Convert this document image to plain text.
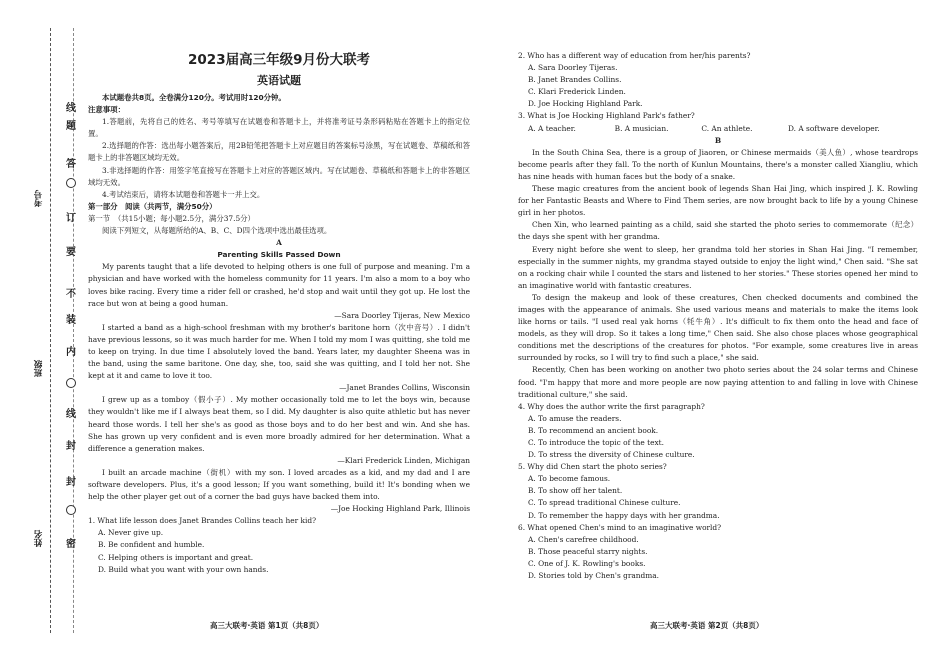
线
题
答
订
要
不
装
内
线
封
封
密
考号
班级
姓名
2023届高三年级9月份大联考
英语试题

本试题卷共8页。全卷满分120分。考试用时120分钟。

注意事项：

1.答题前，先将自己的姓名、考号等填写在试题卷和答题卡上，并将准考证号条形码粘贴在答题卡上的指定位置。

2.选择题的作答：选出每小题答案后，用2B铅笔把答题卡上对应题目的答案标号涂黑，写在试题卷、草稿纸和答题卡上的非答题区域均无效。

3.非选择题的作答：用签字笔直接写在答题卡上对应的答题区域内。写在试题卷、草稿纸和答题卡上的非答题区域均无效。

4.考试结束后，请将本试题卷和答题卡一并上交。

第一部分　阅读（共两节，满分50分）

第一节　（共15小题；每小题2.5分，满分37.5分）

阅读下列短文，从每题所给的A、B、C、D四个选项中选出最佳选项。

A

Parenting Skills Passed Down

My parents taught that a life devoted to helping others is one full of purpose and meaning. I'm a physician and have worked with the homeless community for 11 years. I'm also a mom to a boy who loves bike racing. Every time a rider fell or crashed, he'd stop and wait until they got up. He lost the race but won at being a good human.

—Sara Doorley Tijeras, New Mexico

I started a band as a high-school freshman with my brother's baritone horn（次中音号）. I didn't have previous lessons, so it was much harder for me. When I told my mom I was quitting, she told me to keep on trying. In due time I absolutely loved the band. Years later, my daughter Sheena was in the band, using the same baritone. One day, she, too, said she was quitting, and I told her not. She kept at it and came to love it too.

—Janet Brandes Collins, Wisconsin

I grew up as a tomboy（假小子）. My mother occasionally told me to let the boys win, because they wouldn't like me if I always beat them, so I did. My daughter is also quite athletic but has never heard those words. I tell her she's as good as those boys and to do her best and win. And she has. She has grown up very confident and is even more broadly admired for her determination. What a difference a generation makes.

—Klari Frederick Linden, Michigan

I built an arcade machine（街机）with my son. I loved arcades as a kid, and my dad and I are software developers. Plus, it's a good lesson; If you want something, build it! It's bonding when we help the other player get out of a corner the bad guys have backed them into.

—Joe Hocking Highland Park, Illinois

1. What life lesson does Janet Brandes Collins teach her kid?

A. Never give up.

B. Be confident and humble.

C. Helping others is important and great.

D. Build what you want with your own hands.

2. Who has a different way of education from her/his parents?

A. Sara Doorley Tijeras.

B. Janet Brandes Collins.

C. Klari Frederick Linden.

D. Joe Hocking Highland Park.

3. What is Joe Hocking Highland Park's father?

A. A teacher.	B. A musician.	C. An athlete.	D. A software developer.

B

In the South China Sea, there is a group of Jiaoren, or Chinese mermaids（美人鱼）, whose teardrops become pearls after they fall. To the north of Kunlun Mountains, there's a monster called Xiangliu, which has nine heads with human faces but the body of a snake.

These magic creatures from the ancient book of legends Shan Hai Jing, which inspired J. K. Rowling for her Fantastic Beasts and Where to Find Them series, are now brought back to life by a young Chinese girl in her photos.

Chen Xin, who learned painting as a child, said she started the photo series to commemorate（纪念）the days she spent with her grandma.

Every night before she went to sleep, her grandma told her stories in Shan Hai Jing. "I remember, especially in the summer nights, my grandma stayed outside to enjoy the light wind," Chen said. "She sat on a rocking chair while I counted the stars and listened to her stories." These stories opened her mind to an imaginative world with fantastic creatures.

To design the makeup and look of these creatures, Chen checked documents and combined the images with the appearance of animals. She used various means and materials to make the items look like horns or tails. "I used real yak horns（牦牛角）. It's difficult to fix them onto the head and face of models, as they will drop. So it takes a long time," Chen said. She also chose places whose geographical conditions met the descriptions of the creatures for photos. "For example, some creatures live in areas surrounded by rocks, so I will try to find such a place," she said.

Recently, Chen has been working on another two photo series about the 24 solar terms and Chinese food. "I'm happy that more and more people are now paying attention to and falling in love with Chinese traditional culture," she said.

4. Why does the author write the first paragraph?

A. To amuse the readers.

B. To recommend an ancient book.

C. To introduce the topic of the text.

D. To stress the diversity of Chinese culture.

5. Why did Chen start the photo series?

A. To become famous.

B. To show off her talent.

C. To spread traditional Chinese culture.

D. To remember the happy days with her grandma.

6. What opened Chen's mind to an imaginative world?

A. Chen's carefree childhood.

B. Those peaceful starry nights.

C. One of J. K. Rowling's books.

D. Stories told by Chen's grandma.

高三大联考·英语 第1页（共8页）	高三大联考·英语 第2页（共8页）
